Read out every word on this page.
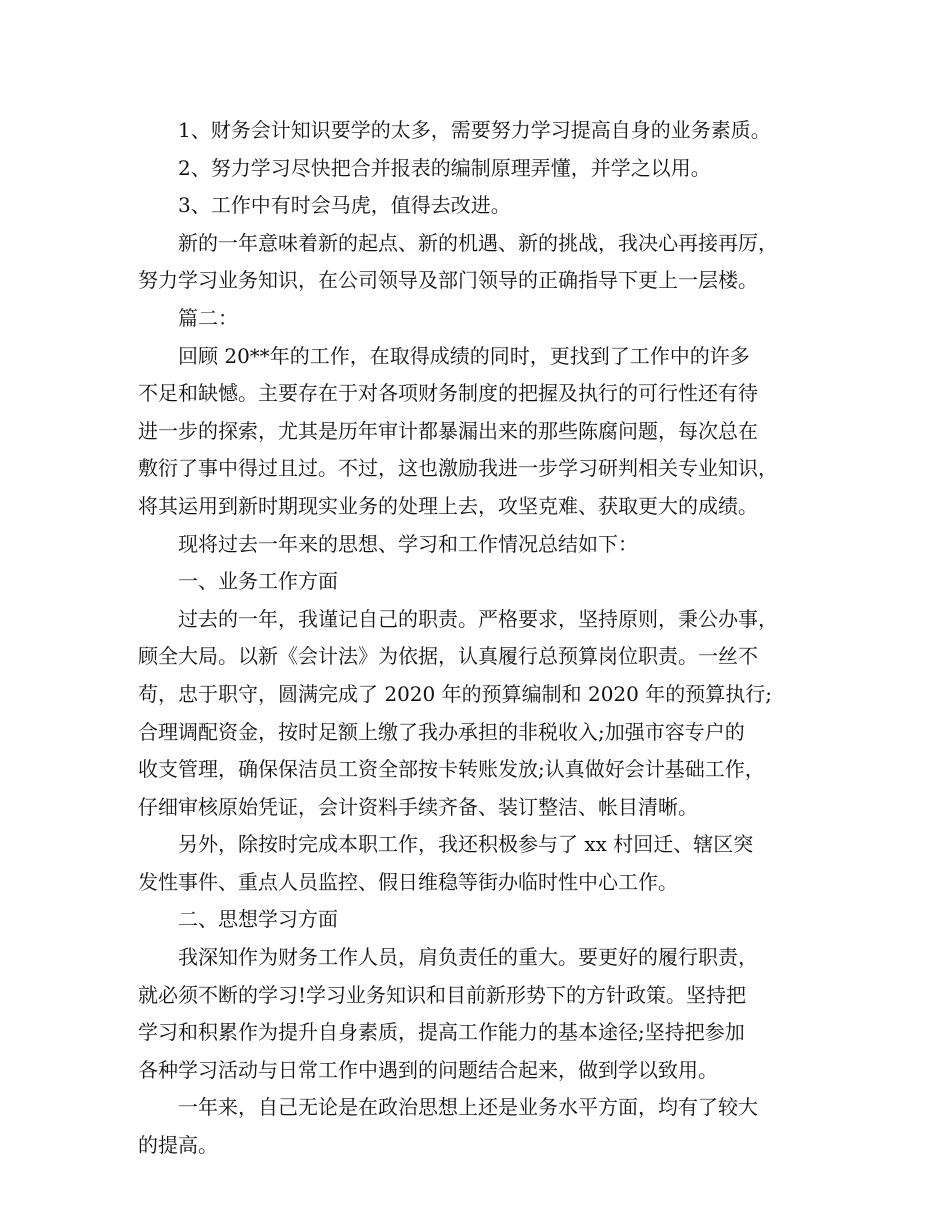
1、财务会计知识要学的太多，需要努力学习提高自身的业务素质。
2、努力学习尽快把合并报表的编制原理弄懂，并学之以用。
3、工作中有时会马虎，值得去改进。
新的一年意味着新的起点、新的机遇、新的挑战，我决心再接再厉，
努力学习业务知识，在公司领导及部门领导的正确指导下更上一层楼。
篇二：
回顾 20**年的工作，在取得成绩的同时，更找到了工作中的许多
不足和缺憾。主要存在于对各项财务制度的把握及执行的可行性还有待
进一步的探索，尤其是历年审计都暴漏出来的那些陈腐问题，每次总在
敷衍了事中得过且过。不过，这也激励我进一步学习研判相关专业知识，
将其运用到新时期现实业务的处理上去，攻坚克难、获取更大的成绩。
现将过去一年来的思想、学习和工作情况总结如下：
一、业务工作方面
过去的一年，我谨记自己的职责。严格要求，坚持原则，秉公办事，
顾全大局。以新《会计法》为依据，认真履行总预算岗位职责。一丝不
苟，忠于职守，圆满完成了 2020 年的预算编制和 2020 年的预算执行;
合理调配资金，按时足额上缴了我办承担的非税收入;加强市容专户的
收支管理，确保保洁员工资全部按卡转账发放;认真做好会计基础工作，
仔细审核原始凭证，会计资料手续齐备、装订整洁、帐目清晰。
另外，除按时完成本职工作，我还积极参与了 xx 村回迁、辖区突
发性事件、重点人员监控、假日维稳等街办临时性中心工作。
二、思想学习方面
我深知作为财务工作人员，肩负责任的重大。要更好的履行职责，
就必须不断的学习!学习业务知识和目前新形势下的方针政策。坚持把
学习和积累作为提升自身素质，提高工作能力的基本途径;坚持把参加
各种学习活动与日常工作中遇到的问题结合起来，做到学以致用。
一年来，自己无论是在政治思想上还是业务水平方面，均有了较大
的提高。
